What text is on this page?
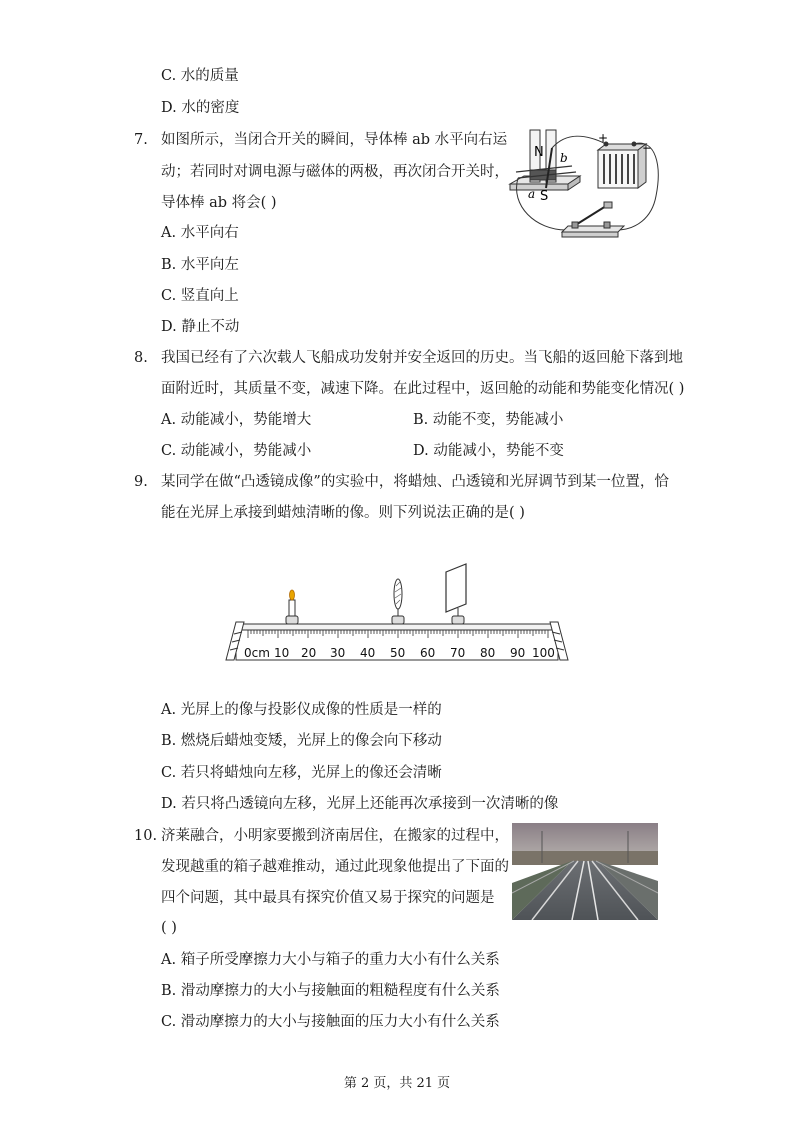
C. 水的质量
D. 水的密度
7. 如图所示，当闭合开关的瞬间，导体棒 ab 水平向右运
动；若同时对调电源与磁体的两极，再次闭合开关时，
导体棒 ab 将会( )
A. 水平向右
B. 水平向左
C. 竖直向上
D. 静止不动
N
S
a
b
+
−
8. 我国已经有了六次载人飞船成功发射并安全返回的历史。当飞船的返回舱下落到地
面附近时，其质量不变，减速下降。在此过程中，返回舱的动能和势能变化情况( )
A. 动能减小，势能增大	B. 动能不变，势能减小
C. 动能减小，势能减小	D. 动能减小，势能不变
9. 某同学在做“凸透镜成像”的实验中，将蜡烛、凸透镜和光屏调节到某一位置，恰
能在光屏上承接到蜡烛清晰的像。则下列说法正确的是( )
0cm 10 20 30 40 50 60 70 80 90 100
A. 光屏上的像与投影仪成像的性质是一样的
B. 燃烧后蜡烛变矮，光屏上的像会向下移动
C. 若只将蜡烛向左移，光屏上的像还会清晰
D. 若只将凸透镜向左移，光屏上还能再次承接到一次清晰的像
10. 济莱融合，小明家要搬到济南居住，在搬家的过程中，
发现越重的箱子越难推动，通过此现象他提出了下面的
四个问题，其中最具有探究价值又易于探究的问题是
( )
A. 箱子所受摩擦力大小与箱子的重力大小有什么关系
B. 滑动摩擦力的大小与接触面的粗糙程度有什么关系
C. 滑动摩擦力的大小与接触面的压力大小有什么关系
第 2 页，共 21 页
